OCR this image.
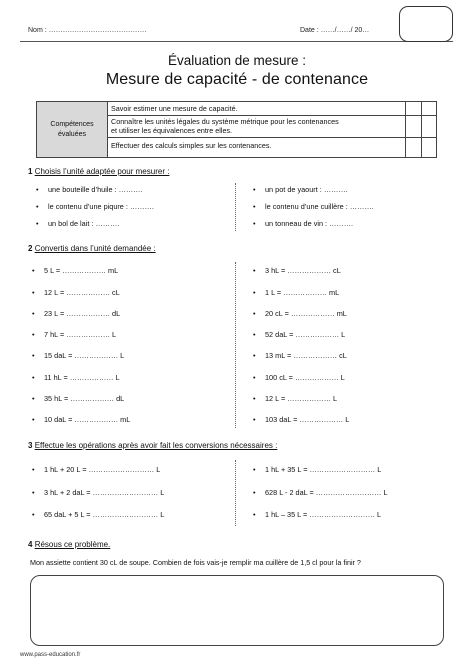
Nom : ……………………………………	Date : ……/……/ 20…
Évaluation de mesure :
Mesure de capacité - de contenance
Compétences
évaluées
Savoir estimer une mesure de capacité.
Connaître les unités légales du système métrique pour les contenances
et utiliser les équivalences entre elles.
Effectuer des calculs simples sur les contenances.
1 Choisis l’unité adaptée pour mesurer :
• une bouteille d’huile : ……….
• le contenu d’une piqure : ……….
• un bol de lait : ……….
• un pot de yaourt : ……….
• le contenu d’une cuillère : ……….
• un tonneau de vin : ……….
2 Convertis dans l’unité demandée :
• 5 L = ……………… mL
• 12 L = ……………… cL
• 23 L = ……………… dL
• 7 hL = ……………… L
• 15 daL = ……………… L
• 11 hL = ……………… L
• 35 hL = ……………… dL
• 10 daL = ……………… mL
• 3 hL = ……………… cL
• 1 L = ……………… mL
• 20 cL = ……………… mL
• 52 daL = ……………… L
• 13 mL = ……………… cL
• 100 cL = ……………… L
• 12 L = ……………… L
• 103 daL = ……………… L
3 Effectue les opérations après avoir fait les conversions nécessaires :
• 1 hL + 20 L = ……………………… L
• 3 hL + 2 daL = ……………………… L
• 65 daL + 5 L = ……………………… L
• 1 hL + 35 L = ……………………… L
• 628 L - 2 daL = ……………………… L
• 1 hL – 35 L = ……………………… L
4 Résous ce problème.
Mon assiette contient 30 cL de soupe. Combien de fois vais-je remplir ma cuillère de 1,5 cl pour la finir ?
www.pass-education.fr
